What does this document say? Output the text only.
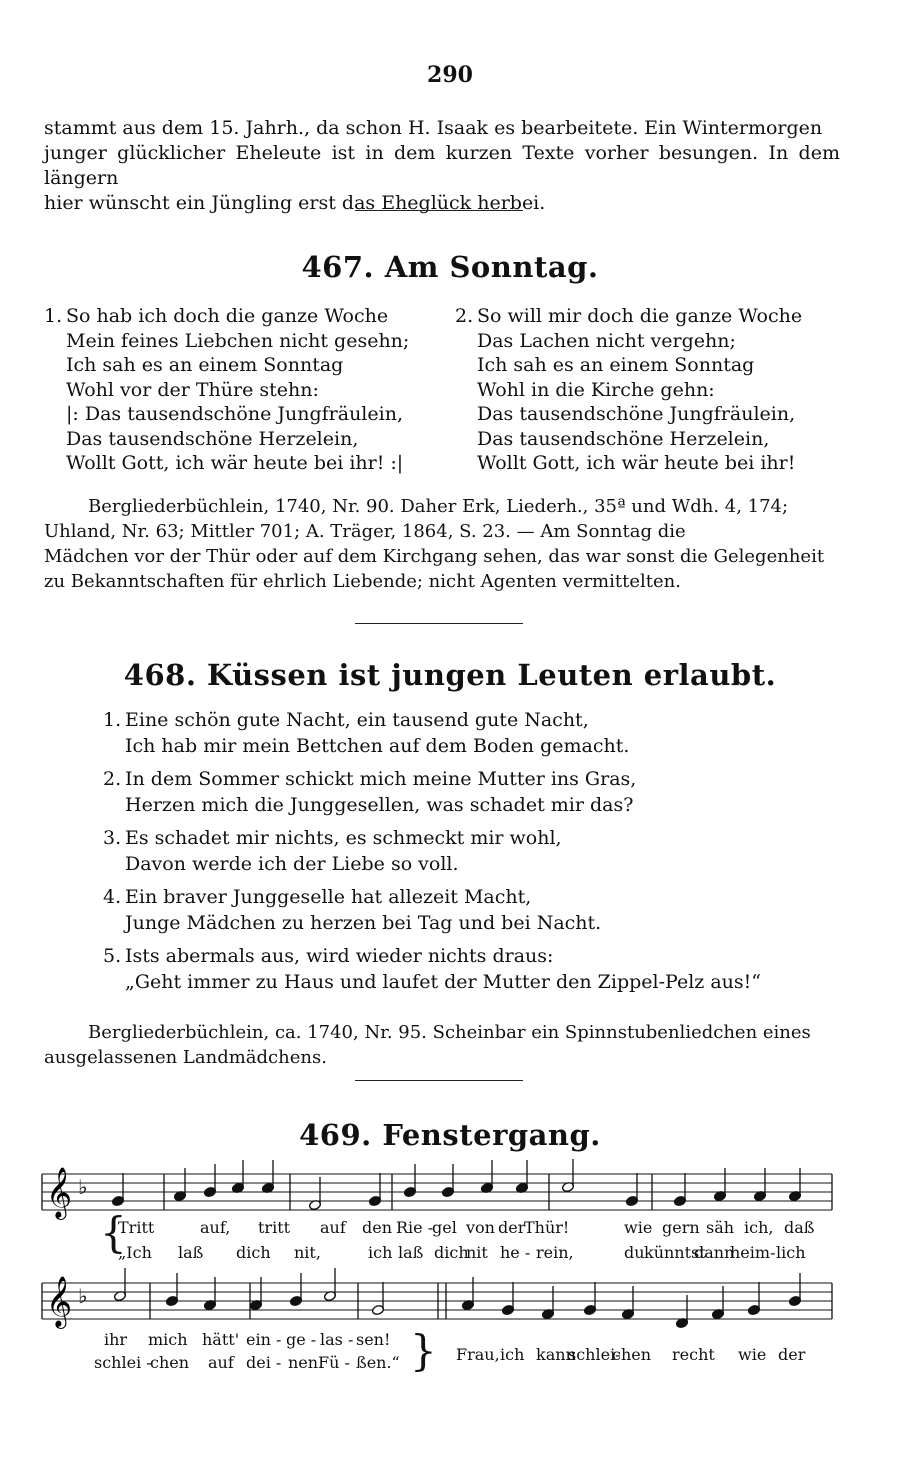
290

stammt aus dem 15. Jahrh., da schon H. Isaak es bearbeitete. Ein Wintermorgen

junger glücklicher Eheleute ist in dem kurzen Texte vorher besungen. In dem längern

hier wünscht ein Jüngling erst das Eheglück herbei.

467. Am Sonntag.
1. So hab ich doch die ganze Woche
Mein feines Liebchen nicht gesehn;
Ich sah es an einem Sonntag
Wohl vor der Thüre stehn:
|: Das tausendschöne Jungfräulein,
Das tausendschöne Herzelein,
Wollt Gott, ich wär heute bei ihr! :|
2. So will mir doch die ganze Woche
Das Lachen nicht vergehn;
Ich sah es an einem Sonntag
Wohl in die Kirche gehn:
Das tausendschöne Jungfräulein,
Das tausendschöne Herzelein,
Wollt Gott, ich wär heute bei ihr!

Bergliederbüchlein, 1740, Nr. 90. Daher Erk, Liederh., 35ª und Wdh. 4, 174;

Uhland, Nr. 63; Mittler 701; A. Träger, 1864, S. 23. — Am Sonntag die

Mädchen vor der Thür oder auf dem Kirchgang sehen, das war sonst die Gelegenheit

zu Bekanntschaften für ehrlich Liebende; nicht Agenten vermittelten.

468. Küssen ist jungen Leuten erlaubt.
1. Eine schön gute Nacht, ein tausend gute Nacht,
Ich hab mir mein Bettchen auf dem Boden gemacht.
2. In dem Sommer schickt mich meine Mutter ins Gras,
Herzen mich die Junggesellen, was schadet mir das?
3. Es schadet mir nichts, es schmeckt mir wohl,
Davon werde ich der Liebe so voll.
4. Ein braver Junggeselle hat allezeit Macht,
Junge Mädchen zu herzen bei Tag und bei Nacht.
5. Ists abermals aus, wird wieder nichts draus:
„Geht immer zu Haus und laufet der Mutter den Zippel-Pelz aus!“

Bergliederbüchlein, ca. 1740, Nr. 95. Scheinbar ein Spinnstubenliedchen eines

ausgelassenen Landmädchens.

469. Fenstergang.
𝄞 ♭
𝄞 ♭
{
}
Tritt	auf, tritt auf den Rie -
gel von der
Thür!	wie gern säh ich, daß
„Ich laß dich nit,	ich laß dich
nit he - rein,	du künntst
dann
heim- lich
ihr mich hätt' ein - ge - las - sen!
schlei -
chen auf dei - nen Fü - ßen.“	Frau, ich kann
schlei-
chen recht wie der
